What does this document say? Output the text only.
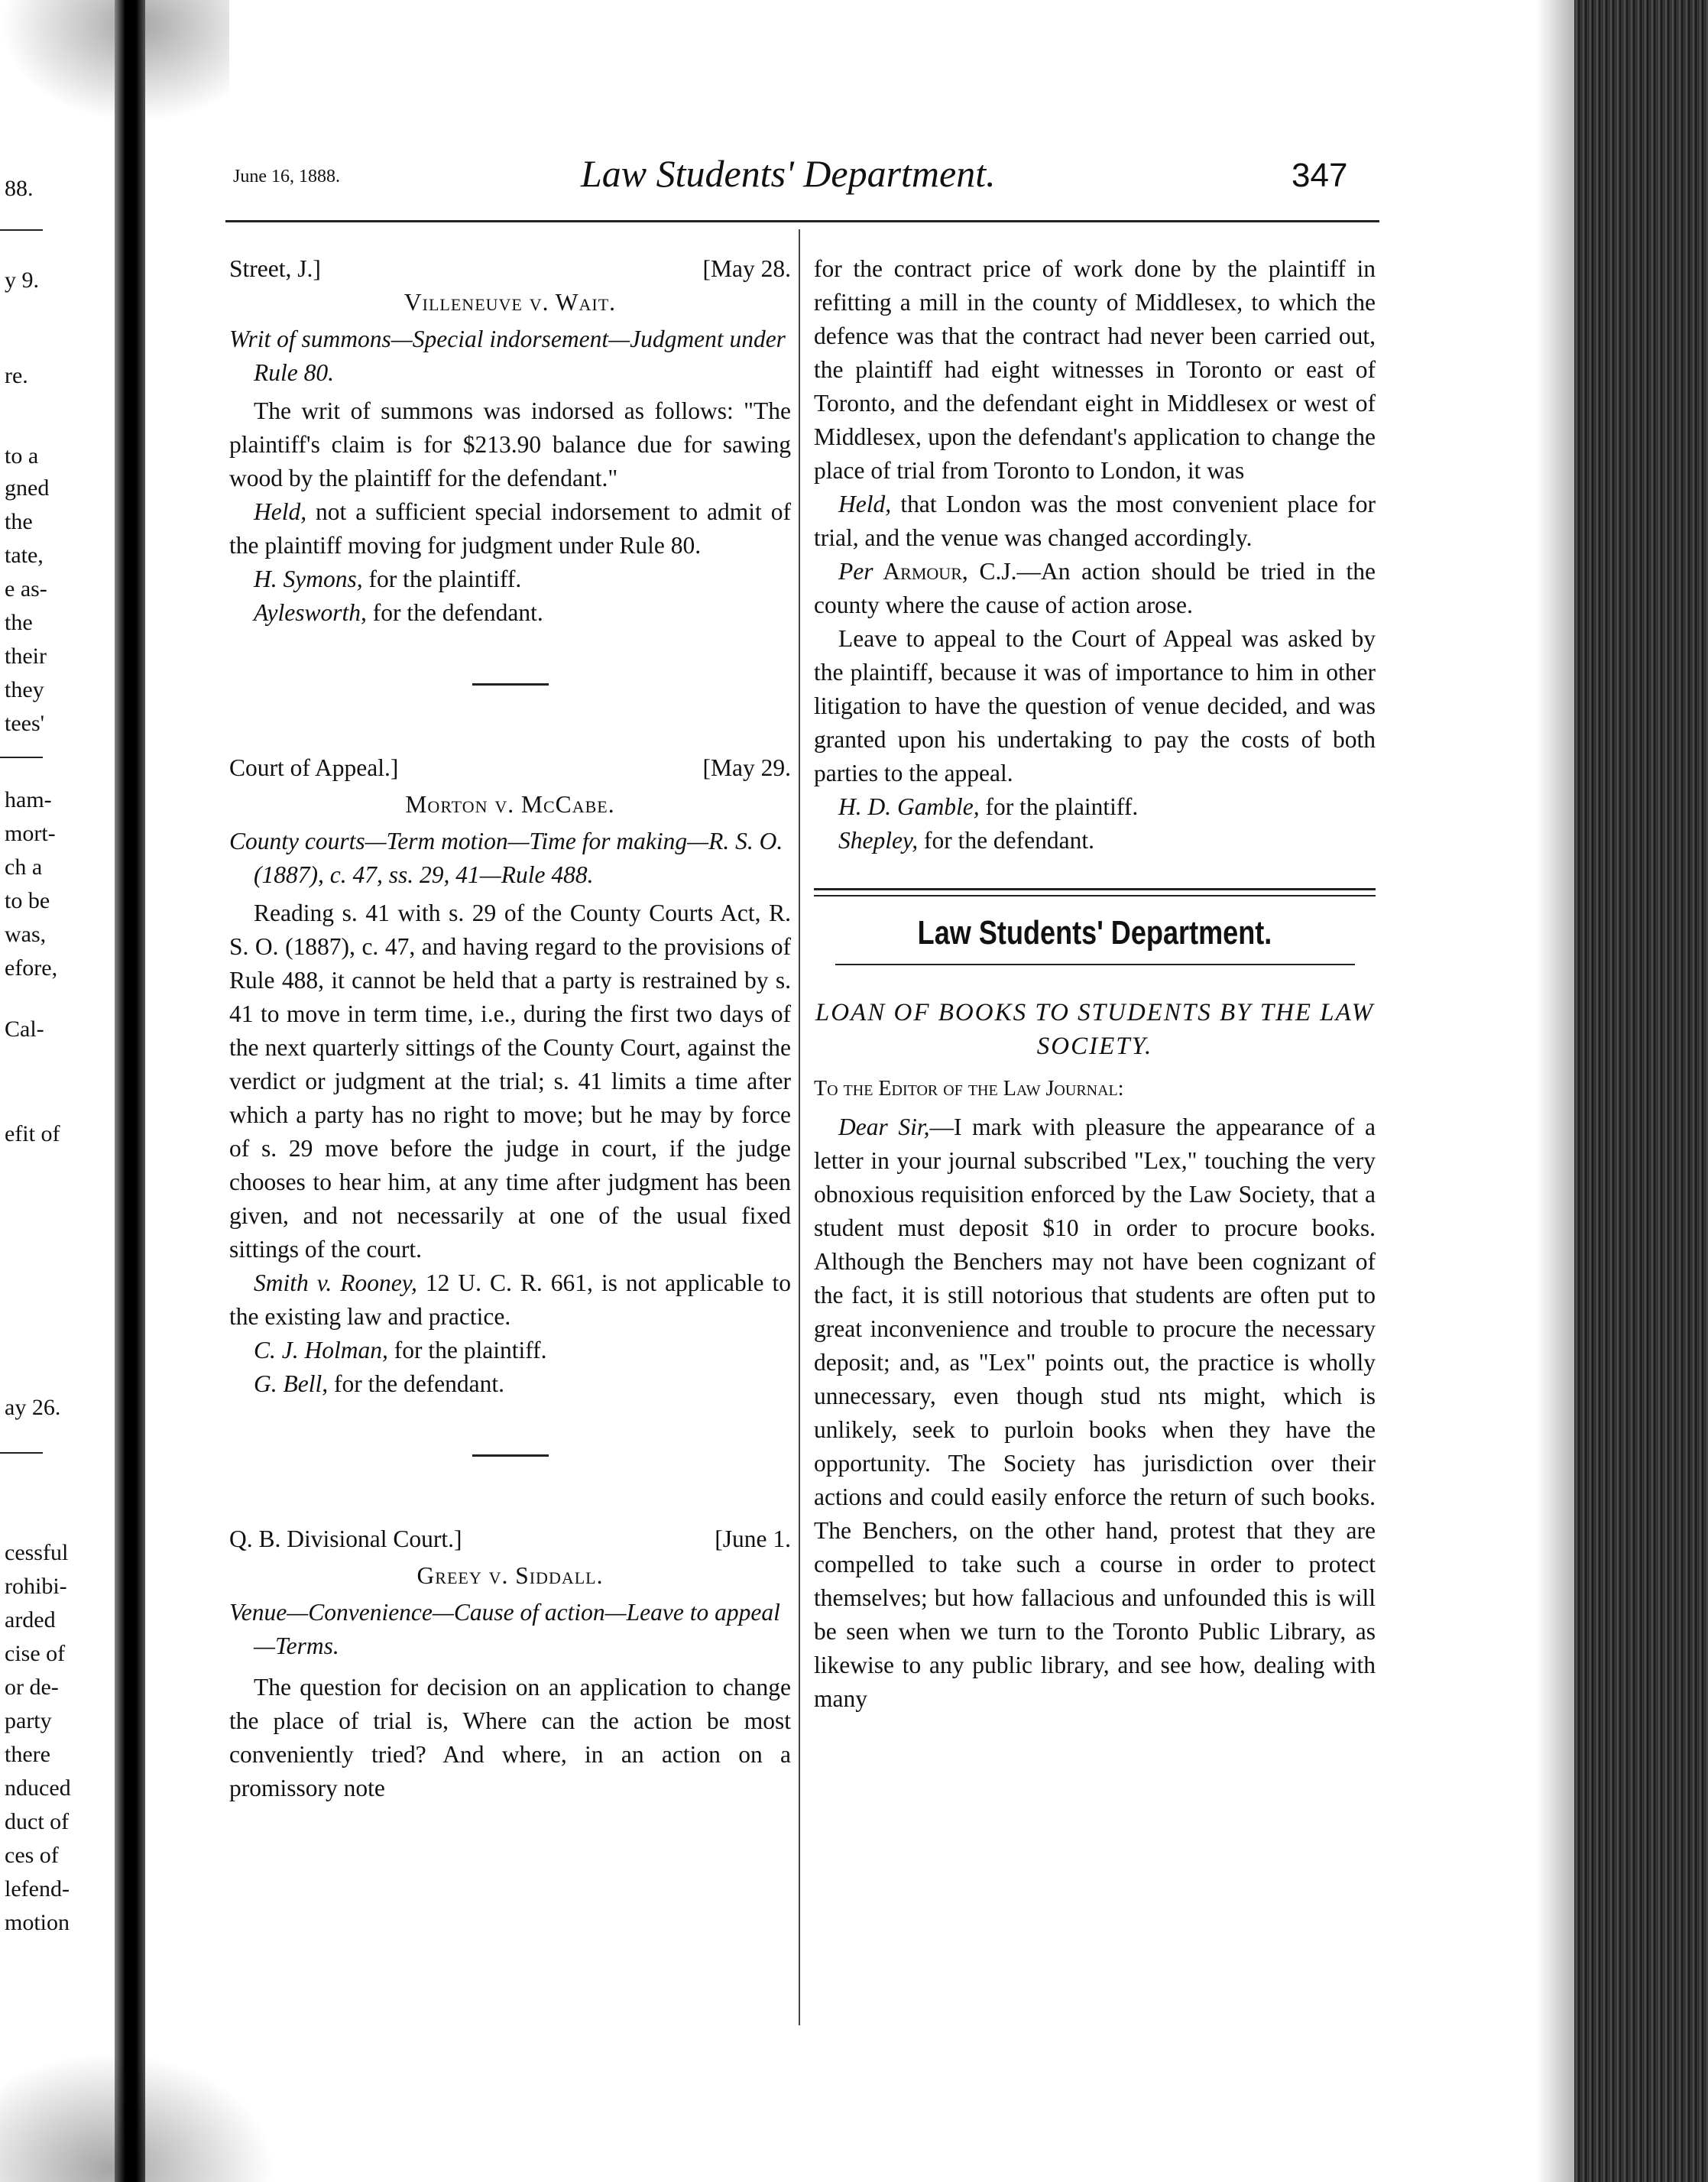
88.
y 9.
re.
to a
gned
the
tate,
e as-
the
their
they
tees'
ham-
mort-
ch a
to be
was,
efore,
Cal-
efit of
ay 26.
cessful
rohibi-
arded
cise of
or de-
party
there
nduced
duct of
ces of
lefend-
motion
June 16, 1888.	Law Students' Department.	347
Street, J.]	[May 28.
Villeneuve v. Wait.
Writ of summons—Special indorsement—Judgment under Rule 80.

The writ of summons was indorsed as follows: "The plaintiff's claim is for $213.90 balance due for sawing wood by the plaintiff for the defendant."

Held, not a sufficient special indorsement to admit of the plaintiff moving for judgment under Rule 80.

H. Symons, for the plaintiff.
Aylesworth, for the defendant.
Court of Appeal.]	[May 29.
Morton v. McCabe.
County courts—Term motion—Time for making—R. S. O. (1887), c. 47, ss. 29, 41—Rule 488.

Reading s. 41 with s. 29 of the County Courts Act, R. S. O. (1887), c. 47, and having regard to the provisions of Rule 488, it cannot be held that a party is restrained by s. 41 to move in term time, i.e., during the first two days of the next quarterly sittings of the County Court, against the verdict or judgment at the trial; s. 41 limits a time after which a party has no right to move; but he may by force of s. 29 move before the judge in court, if the judge chooses to hear him, at any time after judgment has been given, and not necessarily at one of the usual fixed sittings of the court.

Smith v. Rooney, 12 U. C. R. 661, is not applicable to the existing law and practice.

C. J. Holman, for the plaintiff.
G. Bell, for the defendant.
Q. B. Divisional Court.]	[June 1.
Greey v. Siddall.
Venue—Convenience—Cause of action—Leave to appeal—Terms.

The question for decision on an application to change the place of trial is, Where can the action be most conveniently tried? And where, in an action on a promissory note

for the contract price of work done by the plaintiff in refitting a mill in the county of Middlesex, to which the defence was that the contract had never been carried out, the plaintiff had eight witnesses in Toronto or east of Toronto, and the defendant eight in Middlesex or west of Middlesex, upon the defendant's application to change the place of trial from Toronto to London, it was

Held, that London was the most convenient place for trial, and the venue was changed accordingly.

Per Armour, C.J.—An action should be tried in the county where the cause of action arose.

Leave to appeal to the Court of Appeal was asked by the plaintiff, because it was of importance to him in other litigation to have the question of venue decided, and was granted upon his undertaking to pay the costs of both parties to the appeal.

H. D. Gamble, for the plaintiff.
Shepley, for the defendant.
Law Students' Department.
LOAN OF BOOKS TO STUDENTS BY THE LAW SOCIETY.
To the Editor of the Law Journal:

Dear Sir,—I mark with pleasure the appearance of a letter in your journal subscribed "Lex," touching the very obnoxious requisition enforced by the Law Society, that a student must deposit $10 in order to procure books. Although the Benchers may not have been cognizant of the fact, it is still notorious that students are often put to great inconvenience and trouble to procure the necessary deposit; and, as "Lex" points out, the practice is wholly unnecessary, even though stud nts might, which is unlikely, seek to purloin books when they have the opportunity. The Society has jurisdiction over their actions and could easily enforce the return of such books. The Benchers, on the other hand, protest that they are compelled to take such a course in order to protect themselves; but how fallacious and unfounded this is will be seen when we turn to the Toronto Public Library, as likewise to any public library, and see how, dealing with many
